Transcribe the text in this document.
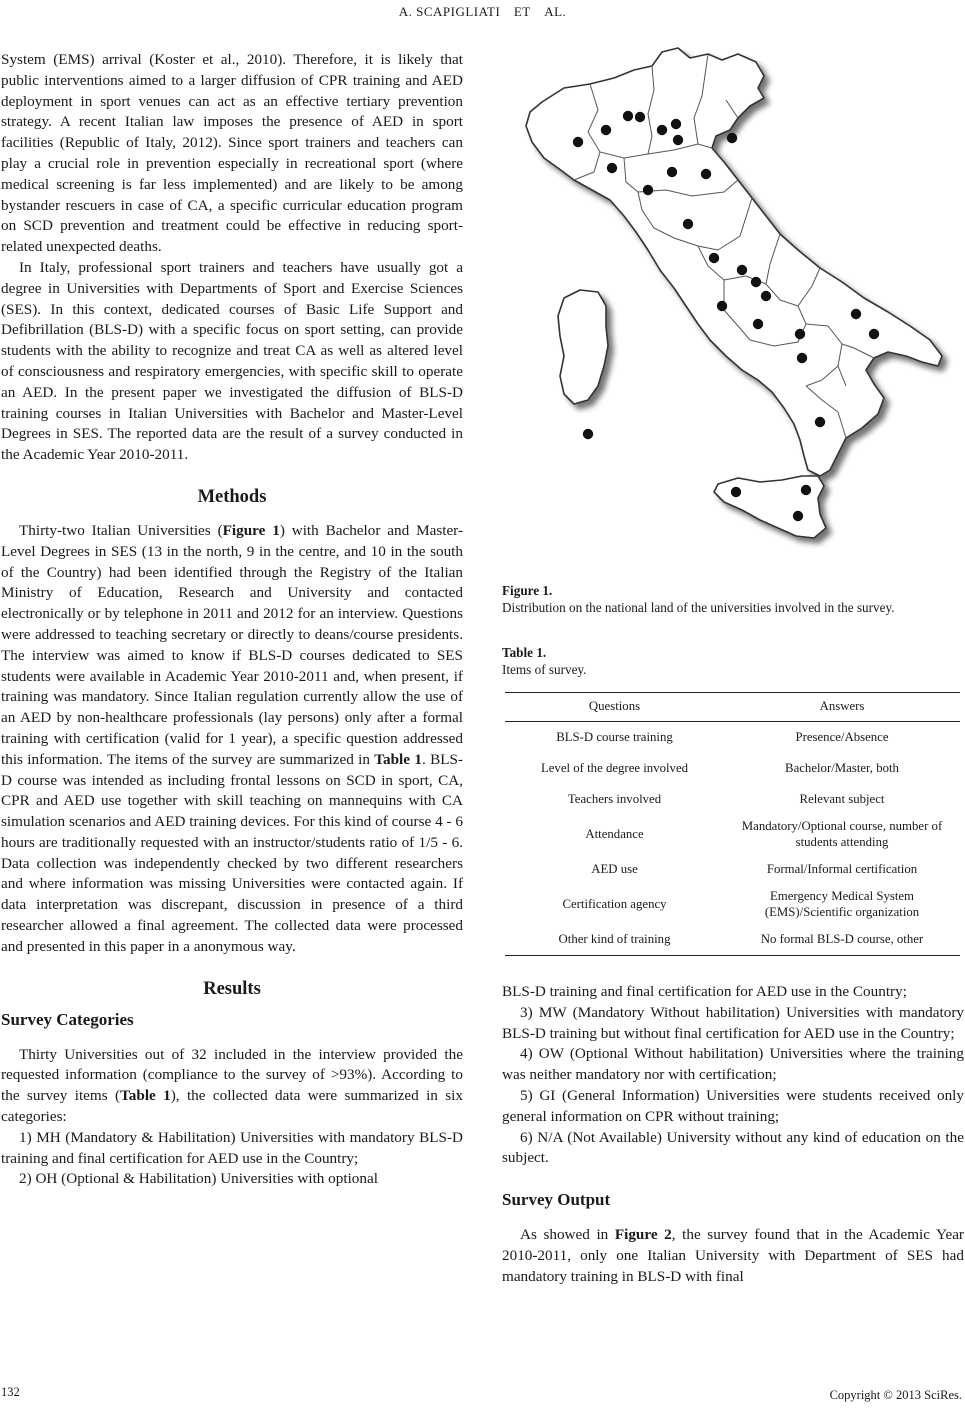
A. SCAPIGLIATI ET AL.

System (EMS) arrival (Koster et al., 2010). Therefore, it is likely that public interventions aimed to a larger diffusion of CPR training and AED deployment in sport venues can act as an effective tertiary prevention strategy. A recent Italian law imposes the presence of AED in sport facilities (Republic of Italy, 2012). Since sport trainers and teachers can play a crucial role in prevention especially in recreational sport (where medical screening is far less implemented) and are likely to be among bystander rescuers in case of CA, a specific curricular education program on SCD prevention and treatment could be effective in reducing sport-related unexpected deaths.

In Italy, professional sport trainers and teachers have usually got a degree in Universities with Departments of Sport and Exercise Sciences (SES). In this context, dedicated courses of Basic Life Support and Defibrillation (BLS-D) with a specific focus on sport setting, can provide students with the ability to recognize and treat CA as well as altered level of consciousness and respiratory emergencies, with specific skill to operate an AED. In the present paper we investigated the diffusion of BLS-D training courses in Italian Universities with Bachelor and Master-Level Degrees in SES. The reported data are the result of a survey conducted in the Academic Year 2010-2011.

Methods

Thirty-two Italian Universities (Figure 1) with Bachelor and Master-Level Degrees in SES (13 in the north, 9 in the centre, and 10 in the south of the Country) had been identified through the Registry of the Italian Ministry of Education, Research and University and contacted electronically or by telephone in 2011 and 2012 for an interview. Questions were addressed to teaching secretary or directly to deans/course presidents. The interview was aimed to know if BLS-D courses dedicated to SES students were available in Academic Year 2010-2011 and, when present, if training was mandatory. Since Italian regulation currently allow the use of an AED by non-healthcare professionals (lay persons) only after a formal training with certification (valid for 1 year), a specific question addressed this information. The items of the survey are summarized in Table 1. BLS-D course was intended as including frontal lessons on SCD in sport, CA, CPR and AED use together with skill teaching on mannequins with CA simulation scenarios and AED training devices. For this kind of course 4 - 6 hours are traditionally requested with an instructor/students ratio of 1/5 - 6. Data collection was independently checked by two different researchers and where information was missing Universities were contacted again. If data interpretation was discrepant, discussion in presence of a third researcher allowed a final agreement. The collected data were processed and presented in this paper in a anonymous way.

Results
Survey Categories

Thirty Universities out of 32 included in the interview provided the requested information (compliance to the survey of >93%). According to the survey items (Table 1), the collected data were summarized in six categories:

1) MH (Mandatory & Habilitation) Universities with mandatory BLS-D training and final certification for AED use in the Country;

2) OH (Optional & Habilitation) Universities with optional

Figure 1.
Distribution on the national land of the universities involved in the survey.
Table 1.
Items of survey.
Questions	Answers
BLS-D course training	Presence/Absence
Level of the degree involved	Bachelor/Master, both
Teachers involved	Relevant subject
Attendance	Mandatory/Optional course, number of students attending
AED use	Formal/Informal certification
Certification agency	Emergency Medical System (EMS)/Scientific organization
Other kind of training	No formal BLS-D course, other

BLS-D training and final certification for AED use in the Country;

3) MW (Mandatory Without habilitation) Universities with mandatory BLS-D training but without final certification for AED use in the Country;

4) OW (Optional Without habilitation) Universities where the training was neither mandatory nor with certification;

5) GI (General Information) Universities were students received only general information on CPR without training;

6) N/A (Not Available) University without any kind of education on the subject.

Survey Output

As showed in Figure 2, the survey found that in the Academic Year 2010-2011, only one Italian University with Department of SES had mandatory training in BLS-D with final

132	Copyright © 2013 SciRes.
